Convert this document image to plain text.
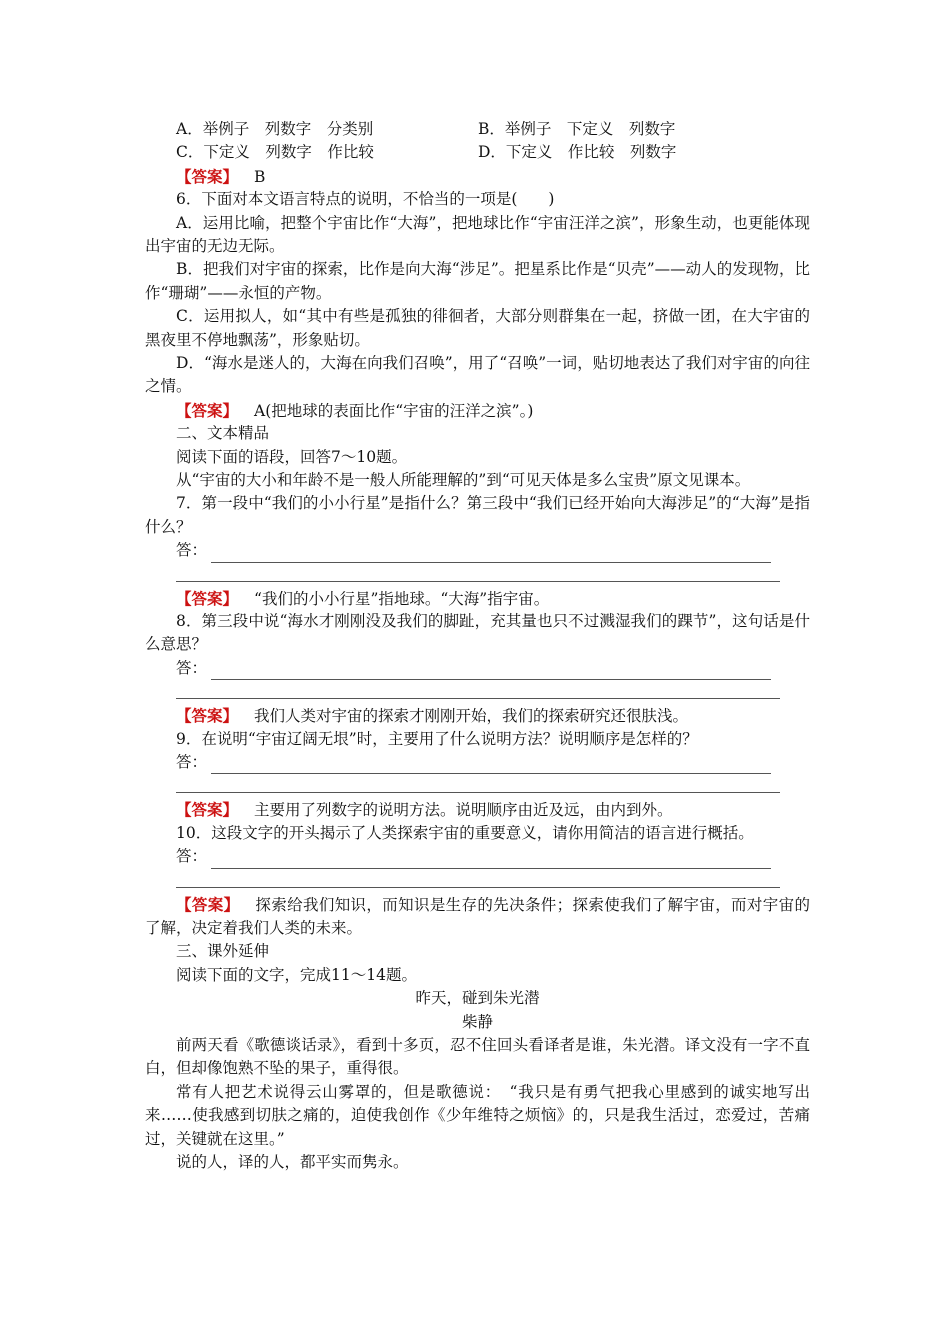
A．举例子　列数字　分类别	B．举例子　下定义　列数字
C．下定义　列数字　作比较	D．下定义　作比较　列数字
【答案】 B
6．下面对本文语言特点的说明，不恰当的一项是(　　)
A．运用比喻，把整个宇宙比作“大海”，把地球比作“宇宙汪洋之滨”，形象生动，也更能体现出宇宙的无边无际。
B．把我们对宇宙的探索，比作是向大海“涉足”。把星系比作是“贝壳”——动人的发现物，比作“珊瑚”——永恒的产物。
C．运用拟人，如“其中有些是孤独的徘徊者，大部分则群集在一起，挤做一团，在大宇宙的黑夜里不停地飘荡”，形象贴切。
D．“海水是迷人的，大海在向我们召唤”，用了“召唤”一词，贴切地表达了我们对宇宙的向往之情。
【答案】 A(把地球的表面比作“宇宙的汪洋之滨”。)
二、文本精品
阅读下面的语段，回答7～10题。
从“宇宙的大小和年龄不是一般人所能理解的”到“可见天体是多么宝贵”原文见课本。
7．第一段中“我们的小小行星”是指什么？第三段中“我们已经开始向大海涉足”的“大海”是指什么？
答：
【答案】 “我们的小小行星”指地球。“大海”指宇宙。
8．第三段中说“海水才刚刚没及我们的脚趾，充其量也只不过溅湿我们的踝节”，这句话是什么意思？
答：
【答案】 我们人类对宇宙的探索才刚刚开始，我们的探索研究还很肤浅。
9．在说明“宇宙辽阔无垠”时，主要用了什么说明方法？说明顺序是怎样的？
答：
【答案】 主要用了列数字的说明方法。说明顺序由近及远，由内到外。
10．这段文字的开头揭示了人类探索宇宙的重要意义，请你用简洁的语言进行概括。
答：
【答案】 探索给我们知识，而知识是生存的先决条件；探索使我们了解宇宙，而对宇宙的了解，决定着我们人类的未来。
三、课外延伸
阅读下面的文字，完成11～14题。
昨天，碰到朱光潜
柴静
前两天看《歌德谈话录》，看到十多页，忍不住回头看译者是谁，朱光潜。译文没有一字不直白，但却像饱熟不坠的果子，重得很。
常有人把艺术说得云山雾罩的，但是歌德说：　“我只是有勇气把我心里感到的诚实地写出来……使我感到切肤之痛的，迫使我创作《少年维特之烦恼》的，只是我生活过，恋爱过，苦痛过，关键就在这里。”
说的人，译的人，都平实而隽永。
